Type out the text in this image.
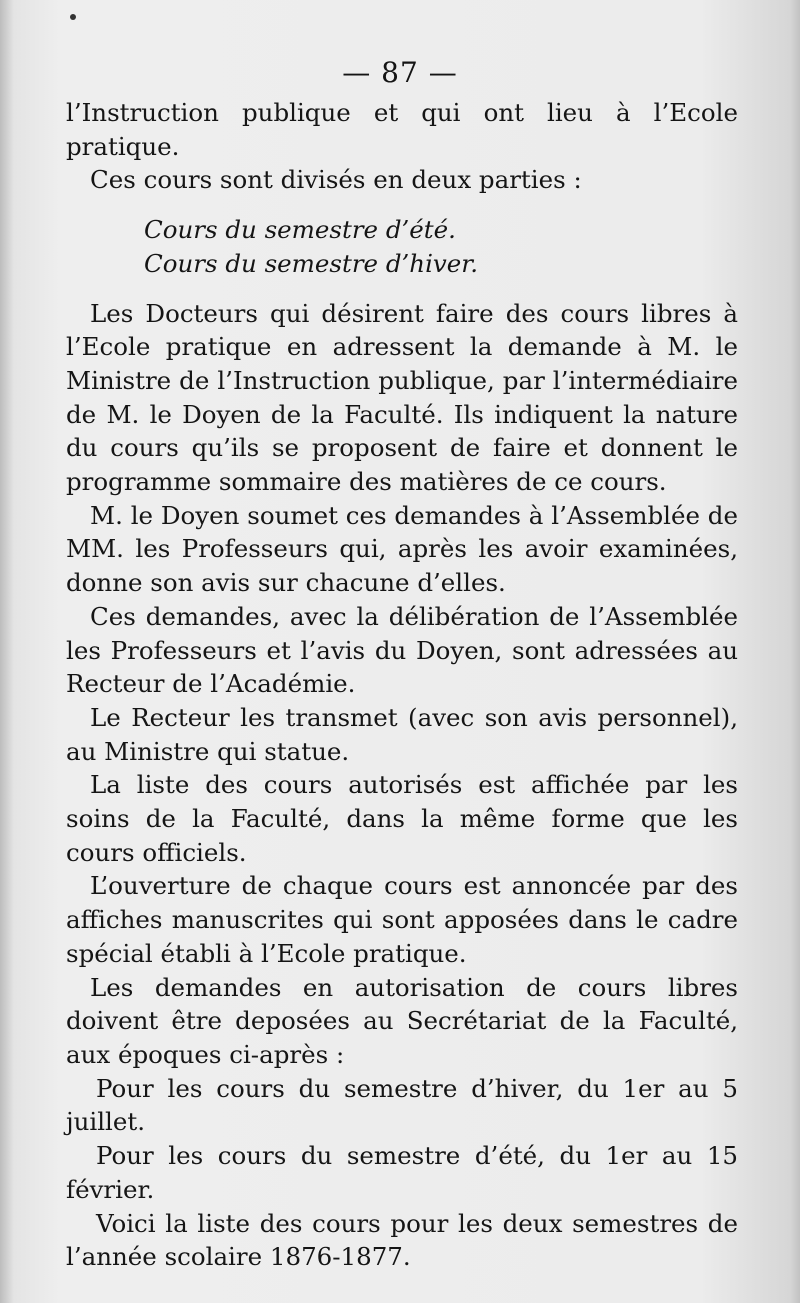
— 87 —

l’Instruction publique et qui ont lieu à l’Ecole pratique.

Ces cours sont divisés en deux parties :

Cours du semestre d’été.

Cours du semestre d’hiver.

Les Docteurs qui désirent faire des cours libres à l’Ecole pratique en adressent la demande à M. le Ministre de l’Instruction publique, par l’intermédiaire de M. le Doyen de la Faculté. Ils indiquent la nature du cours qu’ils se proposent de faire et donnent le programme sommaire des matières de ce cours.

M. le Doyen soumet ces demandes à l’Assemblée de MM. les Professeurs qui, après les avoir examinées, donne son avis sur chacune d’elles.

Ces demandes, avec la délibération de l’Assemblée les Professeurs et l’avis du Doyen, sont adressées au Recteur de l’Académie.

Le Recteur les transmet (avec son avis personnel), au Ministre qui statue.

La liste des cours autorisés est affichée par les soins de la Faculté, dans la même forme que les cours officiels.

L’ouverture de chaque cours est annoncée par des affiches manuscrites qui sont apposées dans le cadre spécial établi à l’Ecole pratique.

Les demandes en autorisation de cours libres doivent être deposées au Secrétariat de la Faculté, aux époques ci-après :

Pour les cours du semestre d’hiver, du 1er au 5 juillet.

Pour les cours du semestre d’été, du 1er au 15 février.

Voici la liste des cours pour les deux semestres de l’année scolaire 1876-1877.
